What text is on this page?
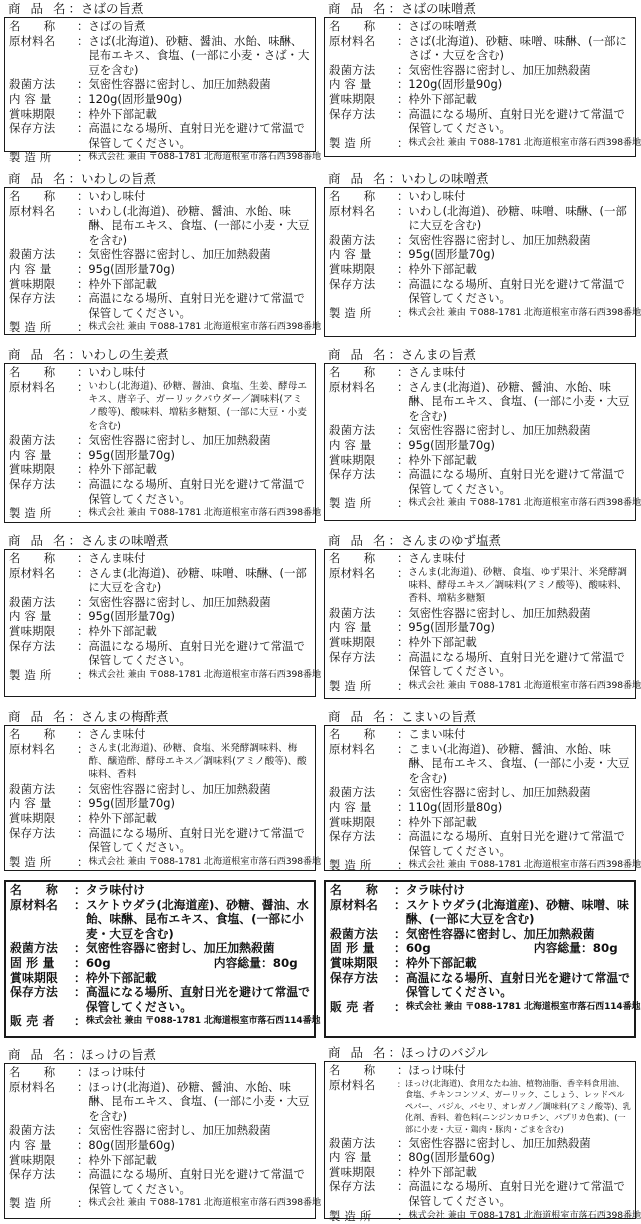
商 品 名：さばの旨煮
名　　称	： さばの旨煮
原材料名	： さば(北海道)、砂糖、醤油、水飴、味醂、昆布エキス、食塩、(一部に小麦・さば・大豆を含む)
殺菌方法	： 気密性容器に密封し、加圧加熱殺菌
内 容 量	： 120g(固形量90g)
賞味期限	： 枠外下部記載
保存方法	： 高温になる場所、直射日光を避けて常温で保管してください。
製 造 所	： 株式会社 兼由 〒088-1781 北海道根室市落石西398番地
商 品 名：さばの味噌煮
名　　称	： さばの味噌煮
原材料名	： さば(北海道)、砂糖、味噌、味醂、(一部にさば・大豆を含む)
殺菌方法	： 気密性容器に密封し、加圧加熱殺菌
内 容 量	： 120g(固形量90g)
賞味期限	： 枠外下部記載
保存方法	： 高温になる場所、直射日光を避けて常温で保管してください。
製 造 所	： 株式会社 兼由 〒088-1781 北海道根室市落石西398番地
商 品 名：いわしの旨煮
名　　称	： いわし味付
原材料名	： いわし(北海道)、砂糖、醤油、水飴、味醂、昆布エキス、食塩、(一部に小麦・大豆を含む)
殺菌方法	： 気密性容器に密封し、加圧加熱殺菌
内 容 量	： 95g(固形量70g)
賞味期限	： 枠外下部記載
保存方法	： 高温になる場所、直射日光を避けて常温で保管してください。
製 造 所	： 株式会社 兼由 〒088-1781 北海道根室市落石西398番地
商 品 名：いわしの味噌煮
名　　称	： いわし味付
原材料名	： いわし(北海道)、砂糖、味噌、味醂、(一部に大豆を含む)
殺菌方法	： 気密性容器に密封し、加圧加熱殺菌
内 容 量	： 95g(固形量70g)
賞味期限	： 枠外下部記載
保存方法	： 高温になる場所、直射日光を避けて常温で保管してください。
製 造 所	： 株式会社 兼由 〒088-1781 北海道根室市落石西398番地
商 品 名：いわしの生姜煮
名　　称	： いわし味付
原材料名	： いわし(北海道)、砂糖、醤油、食塩、生姜、酵母エキス、唐辛子、ガーリックパウダー／調味料(アミノ酸等)、酸味料、増粘多糖類、(一部に大豆・小麦を含む)
殺菌方法	： 気密性容器に密封し、加圧加熱殺菌
内 容 量	： 95g(固形量70g)
賞味期限	： 枠外下部記載
保存方法	： 高温になる場所、直射日光を避けて常温で保管してください。
製 造 所	： 株式会社 兼由 〒088-1781 北海道根室市落石西398番地
商 品 名：さんまの旨煮
名　　称	： さんま味付
原材料名	： さんま(北海道)、砂糖、醤油、水飴、味醂、昆布エキス、食塩、(一部に小麦・大豆を含む)
殺菌方法	： 気密性容器に密封し、加圧加熱殺菌
内 容 量	： 95g(固形量70g)
賞味期限	： 枠外下部記載
保存方法	： 高温になる場所、直射日光を避けて常温で保管してください。
製 造 所	： 株式会社 兼由 〒088-1781 北海道根室市落石西398番地
商 品 名：さんまの味噌煮
名　　称	： さんま味付
原材料名	： さんま(北海道)、砂糖、味噌、味醂、(一部に大豆を含む)
殺菌方法	： 気密性容器に密封し、加圧加熱殺菌
内 容 量	： 95g(固形量70g)
賞味期限	： 枠外下部記載
保存方法	： 高温になる場所、直射日光を避けて常温で保管してください。
製 造 所	： 株式会社 兼由 〒088-1781 北海道根室市落石西398番地
商 品 名：さんまのゆず塩煮
名　　称	： さんま味付
原材料名	： さんま(北海道)、砂糖、食塩、ゆず果汁、米発酵調味料、酵母エキス／調味料(アミノ酸等)、酸味料、香料、増粘多糖類
殺菌方法	： 気密性容器に密封し、加圧加熱殺菌
内 容 量	： 95g(固形量70g)
賞味期限	： 枠外下部記載
保存方法	： 高温になる場所、直射日光を避けて常温で保管してください。
製 造 所	： 株式会社 兼由 〒088-1781 北海道根室市落石西398番地
商 品 名：さんまの梅酢煮
名　　称	： さんま味付
原材料名	： さんま(北海道)、砂糖、食塩、米発酵調味料、梅酢、醸造酢、酵母エキス／調味料(アミノ酸等)、酸味料、香料
殺菌方法	： 気密性容器に密封し、加圧加熱殺菌
内 容 量	： 95g(固形量70g)
賞味期限	： 枠外下部記載
保存方法	： 高温になる場所、直射日光を避けて常温で保管してください。
製 造 所	： 株式会社 兼由 〒088-1781 北海道根室市落石西398番地
商 品 名：こまいの旨煮
名　　称	： こまい味付
原材料名	： こまい(北海道)、砂糖、醤油、水飴、味醂、昆布エキス、食塩、(一部に小麦・大豆を含む)
殺菌方法	： 気密性容器に密封し、加圧加熱殺菌
内 容 量	： 110g(固形量80g)
賞味期限	： 枠外下部記載
保存方法	： 高温になる場所、直射日光を避けて常温で保管してください。
製 造 所	： 株式会社 兼由 〒088-1781 北海道根室市落石西398番地
名　　称	： タラ味付け
原材料名	： スケトウダラ(北海道産)、砂糖、醤油、水飴、味醂、昆布エキス、食塩、(一部に小麦・大豆を含む)
殺菌方法	： 気密性容器に密封し、加圧加熱殺菌
固 形 量	： 60g	内容総量：80g
賞味期限	： 枠外下部記載
保存方法	： 高温になる場所、直射日光を避けて常温で保管してください。
販 売 者	： 株式会社 兼由 〒088-1781 北海道根室市落石西114番地
名　　称	： タラ味付け
原材料名	： スケトウダラ(北海道産)、砂糖、味噌、味醂、(一部に大豆を含む)
殺菌方法	： 気密性容器に密封し、加圧加熱殺菌
固 形 量	： 60g	内容総量：80g
賞味期限	： 枠外下部記載
保存方法	： 高温になる場所、直射日光を避けて常温で保管してください。
販 売 者	： 株式会社 兼由 〒088-1781 北海道根室市落石西114番地
商 品 名：ほっけの旨煮
名　　称	： ほっけ味付
原材料名	： ほっけ(北海道)、砂糖、醤油、水飴、味醂、昆布エキス、食塩、(一部に小麦・大豆を含む)
殺菌方法	： 気密性容器に密封し、加圧加熱殺菌
内 容 量	： 80g(固形量60g)
賞味期限	： 枠外下部記載
保存方法	： 高温になる場所、直射日光を避けて常温で保管してください。
製 造 所	： 株式会社 兼由 〒088-1781 北海道根室市落石西398番地
商 品 名：ほっけのバジル
名　　称	： ほっけ味付
原材料名	： ほっけ(北海道)、食用なたね油、植物油脂、香辛料食用油、食塩、チキンコンソメ、ガーリック、こしょう、レッドペルペパー、バジル、パセリ、オレガノ／調味料(アミノ酸等)、乳化剤、香料、着色料(ニンジンカロチン、パプリカ色素)、(一部に小麦・大豆・鶏肉・豚肉・ごまを含む)
殺菌方法	： 気密性容器に密封し、加圧加熱殺菌
内 容 量	： 80g(固形量60g)
賞味期限	： 枠外下部記載
保存方法	： 高温になる場所、直射日光を避けて常温で保管してください。
製 造 所	： 株式会社 兼由 〒088-1781 北海道根室市落石西398番地
